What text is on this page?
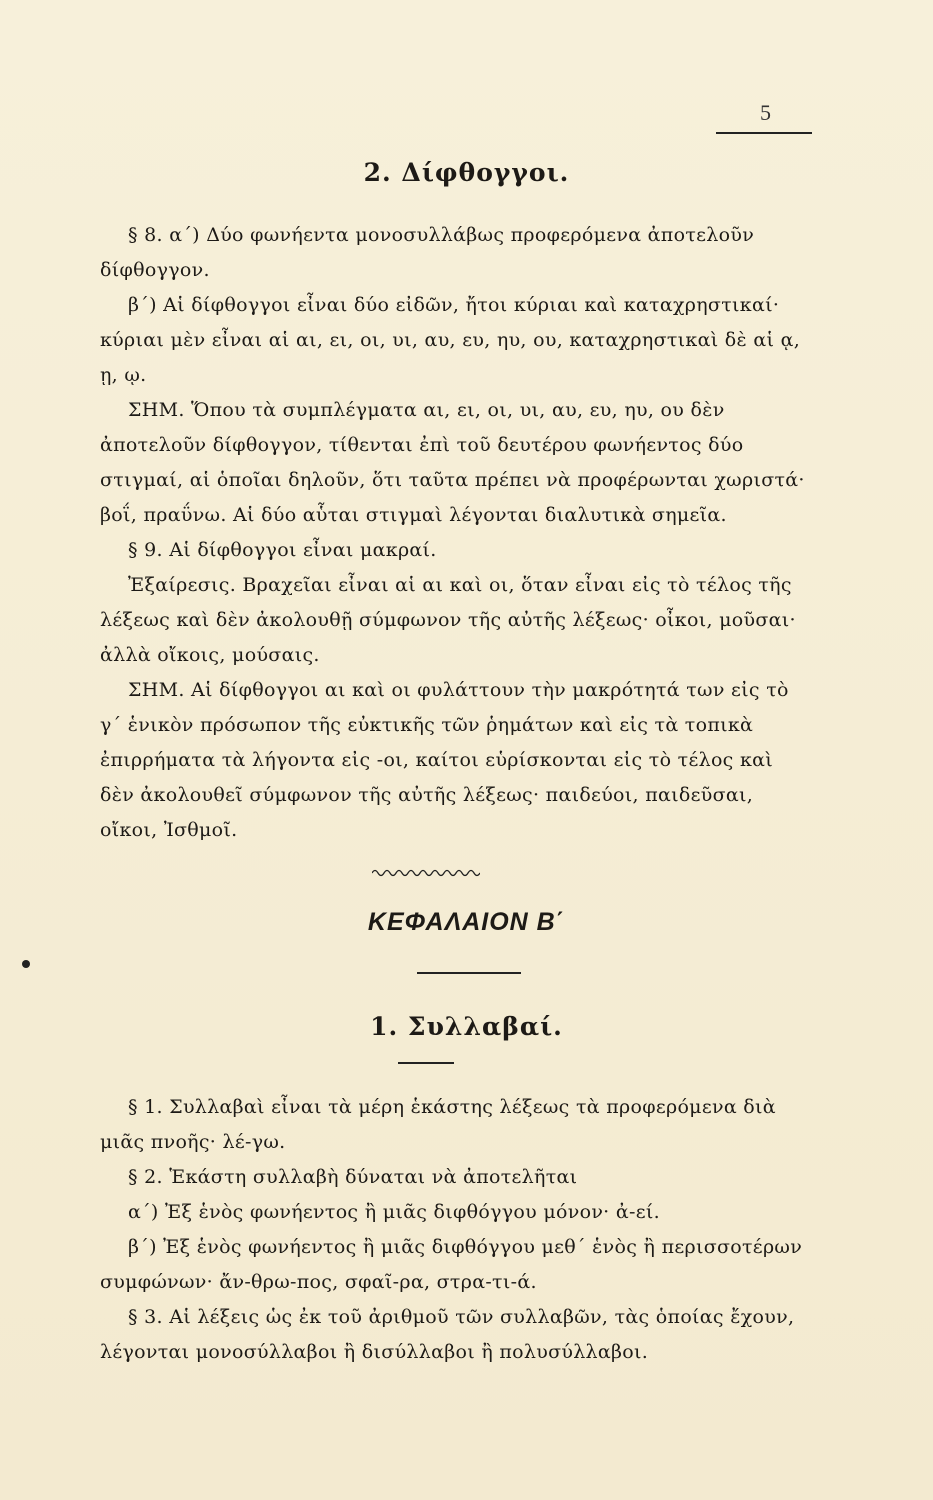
5
2. Δίφθογγοι.

§ 8. α΄) Δύο φωνήεντα μονοσυλλάβως προφερόμενα ἀποτελοῦν δίφθογγον.

β΄) Αἱ δίφθογγοι εἶναι δύο εἰδῶν, ἤτοι κύριαι καὶ καταχρηστικαί· κύριαι μὲν εἶναι αἱ αι, ει, οι, υι, αυ, ευ, ηυ, ου, καταχρηστικαὶ δὲ αἱ ᾳ, ῃ, ῳ.

ΣΗΜ. Ὅπου τὰ συμπλέγματα αι, ει, οι, υι, αυ, ευ, ηυ, ου δὲν ἀποτελοῦν δίφθογγον, τίθενται ἐπὶ τοῦ δευτέρου φωνήεντος δύο στιγμαί, αἱ ὁποῖαι δηλοῦν, ὅτι ταῦτα πρέπει νὰ προφέρωνται χωριστά· βοΐ, πραΰνω. Αἱ δύο αὗται στιγμαὶ λέγονται διαλυτικὰ σημεῖα.

§ 9. Αἱ δίφθογγοι εἶναι μακραί.

Ἐξαίρεσις. Βραχεῖαι εἶναι αἱ αι καὶ οι, ὅταν εἶναι εἰς τὸ τέλος τῆς λέξεως καὶ δὲν ἀκολουθῇ σύμφωνον τῆς αὐτῆς λέξεως· οἶκοι, μοῦσαι· ἀλλὰ οἴκοις, μούσαις.

ΣΗΜ. Αἱ δίφθογγοι αι καὶ οι φυλάττουν τὴν μακρότητά των εἰς τὸ γ΄ ἑνικὸν πρόσωπον τῆς εὐκτικῆς τῶν ῥημάτων καὶ εἰς τὰ τοπικὰ ἐπιρρήματα τὰ λήγοντα εἰς -οι, καίτοι εὑρίσκονται εἰς τὸ τέλος καὶ δὲν ἀκολουθεῖ σύμφωνον τῆς αὐτῆς λέξεως· παιδεύοι, παιδεῦσαι, οἴκοι, Ἰσθμοῖ.

ΚΕΦΑΛΑΙΟΝ Β΄
1. Συλλαβαί.

§ 1. Συλλαβαὶ εἶναι τὰ μέρη ἑκάστης λέξεως τὰ προφερόμενα διὰ μιᾶς πνοῆς· λέ-γω.

§ 2. Ἑκάστη συλλαβὴ δύναται νὰ ἀποτελῆται

α΄) Ἐξ ἑνὸς φωνήεντος ἢ μιᾶς διφθόγγου μόνον· ἀ-εί.

β΄) Ἐξ ἑνὸς φωνήεντος ἢ μιᾶς διφθόγγου μεθ΄ ἑνὸς ἢ περισσοτέρων συμφώνων· ἄν-θρω-πος, σφαῖ-ρα, στρα-τι-ά.

§ 3. Αἱ λέξεις ὡς ἐκ τοῦ ἀριθμοῦ τῶν συλλαβῶν, τὰς ὁποίας ἔχουν, λέγονται μονοσύλλαβοι ἢ δισύλλαβοι ἢ πολυσύλλαβοι.
